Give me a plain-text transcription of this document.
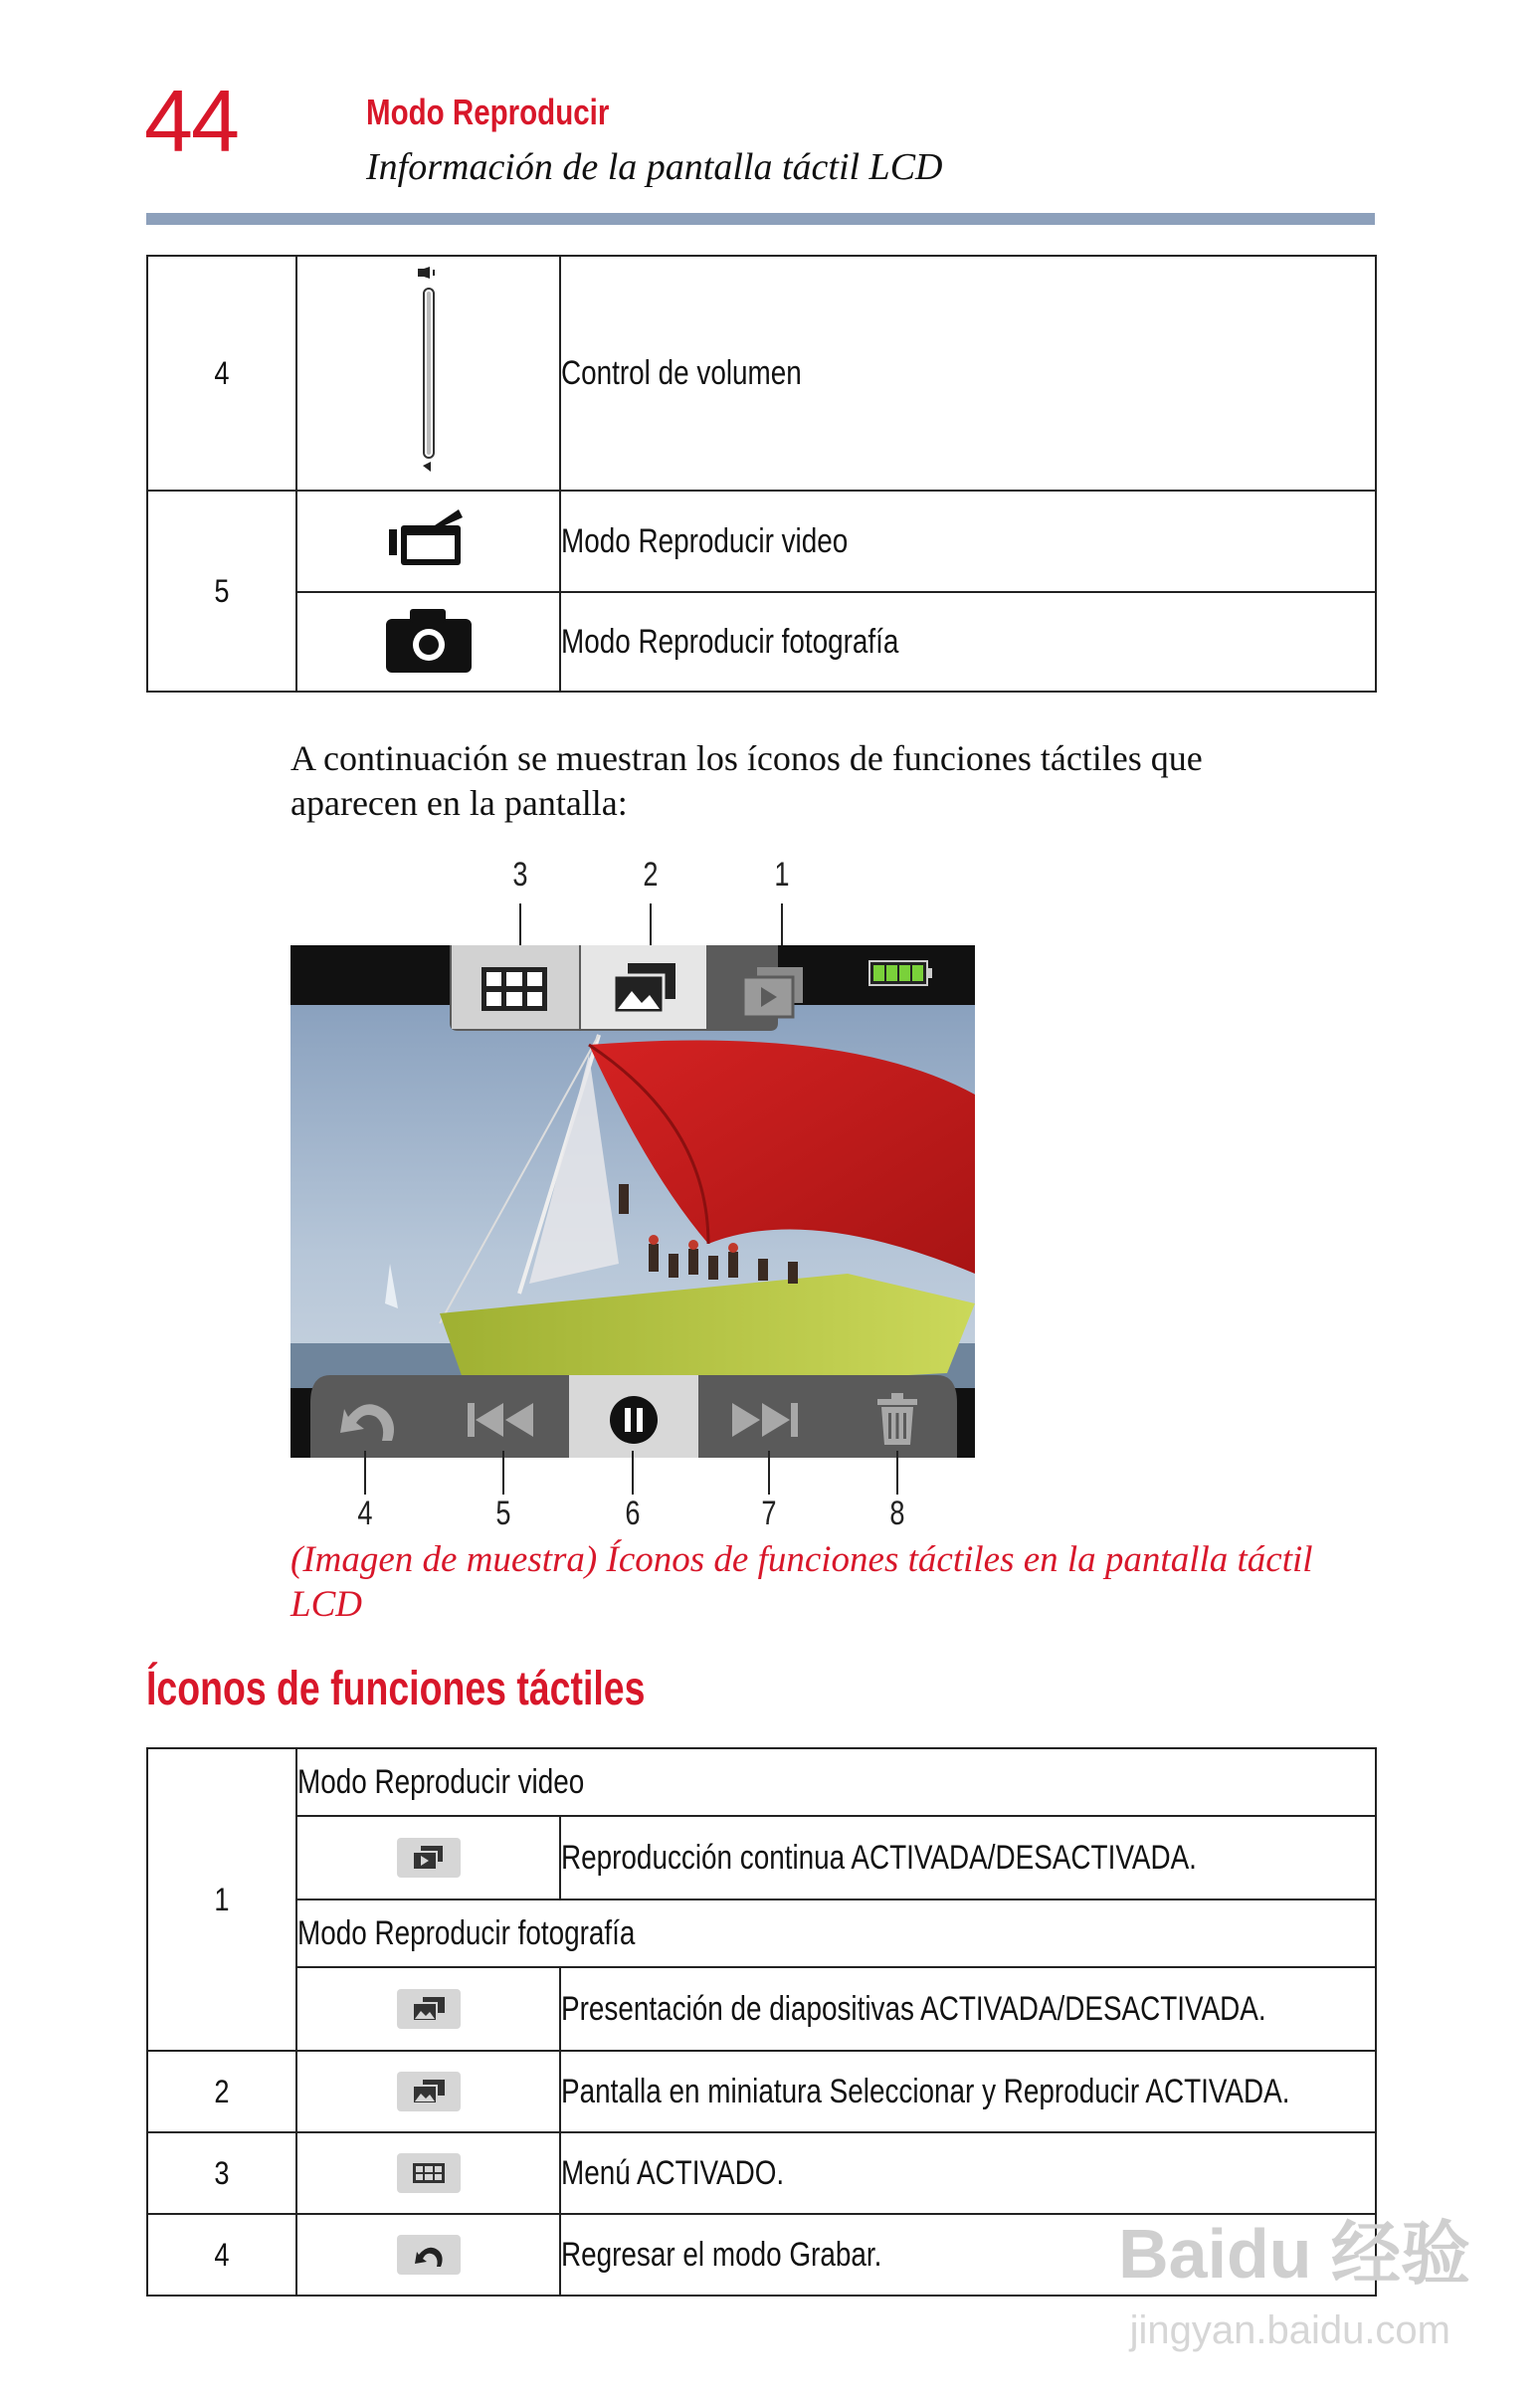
44	Modo Reproducir
Información de la pantalla táctil LCD
4		Control de volumen

5		Modo Reproducir video
	Modo Reproducir fotografía
A continuación se muestran los íconos de funciones táctiles que aparecen en la pantalla:
3	2	1
4	5	6	7	8
(Imagen de muestra) Íconos de funciones táctiles en la pantalla táctil LCD
Íconos de funciones táctiles
1	Modo Reproducir video	
	Reproducción continua ACTIVADA/DESACTIVADA.
	Modo Reproducir fotografía	
	Presentación de diapositivas ACTIVADA/DESACTIVADA.

2		Pantalla en miniatura Seleccionar y Reproducir ACTIVADA.

3		Menú ACTIVADO.

4		Regresar el modo Grabar.	Baidu 经验
jingyan.baidu.com
